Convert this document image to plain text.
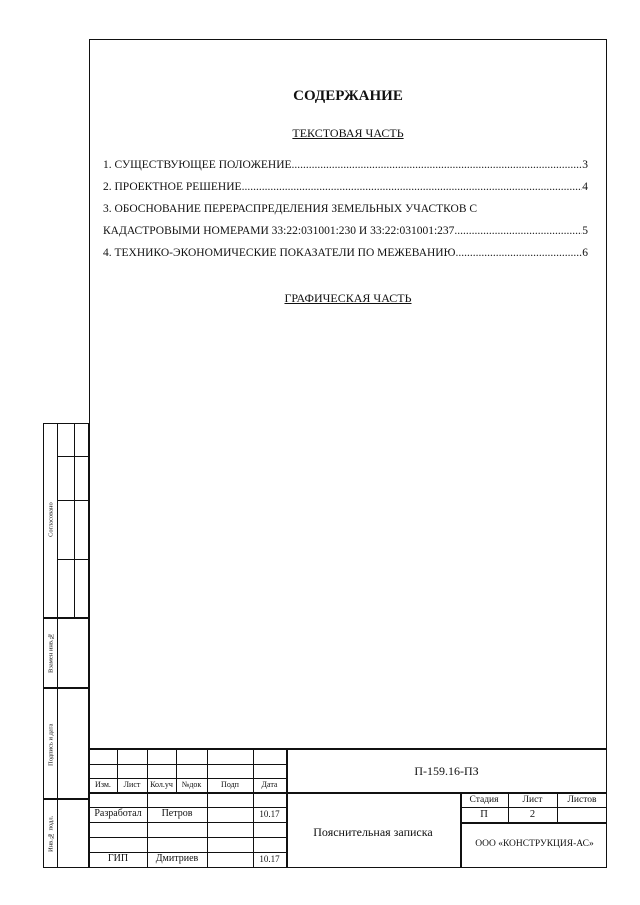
СОДЕРЖАНИЕ
ТЕКСТОВАЯ ЧАСТЬ
1. СУЩЕСТВУЮЩЕЕ ПОЛОЖЕНИЕ .....	3
2. ПРОЕКТНОЕ РЕШЕНИЕ .....	4
3. ОБОСНОВАНИЕ ПЕРЕРАСПРЕДЕЛЕНИЯ ЗЕМЕЛЬНЫХ УЧАСТКОВ С
КАДАСТРОВЫМИ НОМЕРАМИ 33:22:031001:230 И 33:22:031001:237 .....	5
4. ТЕХНИКО-ЭКОНОМИЧЕСКИЕ ПОКАЗАТЕЛИ ПО МЕЖЕВАНИЮ .....	6
ГРАФИЧЕСКАЯ ЧАСТЬ
Согласовано
Взамен инв.№
Подпись и дата
Инв.№ подл.
Изм.	Лист	Кол.уч	№док	Подп	Дата
Разработал	Петров	10.17
ГИП	Дмитриев	10.17
П-159.16-ПЗ
Пояснительная записка
Стадия	Лист	Листов
П	2
ООО «КОНСТРУКЦИЯ-АС»
